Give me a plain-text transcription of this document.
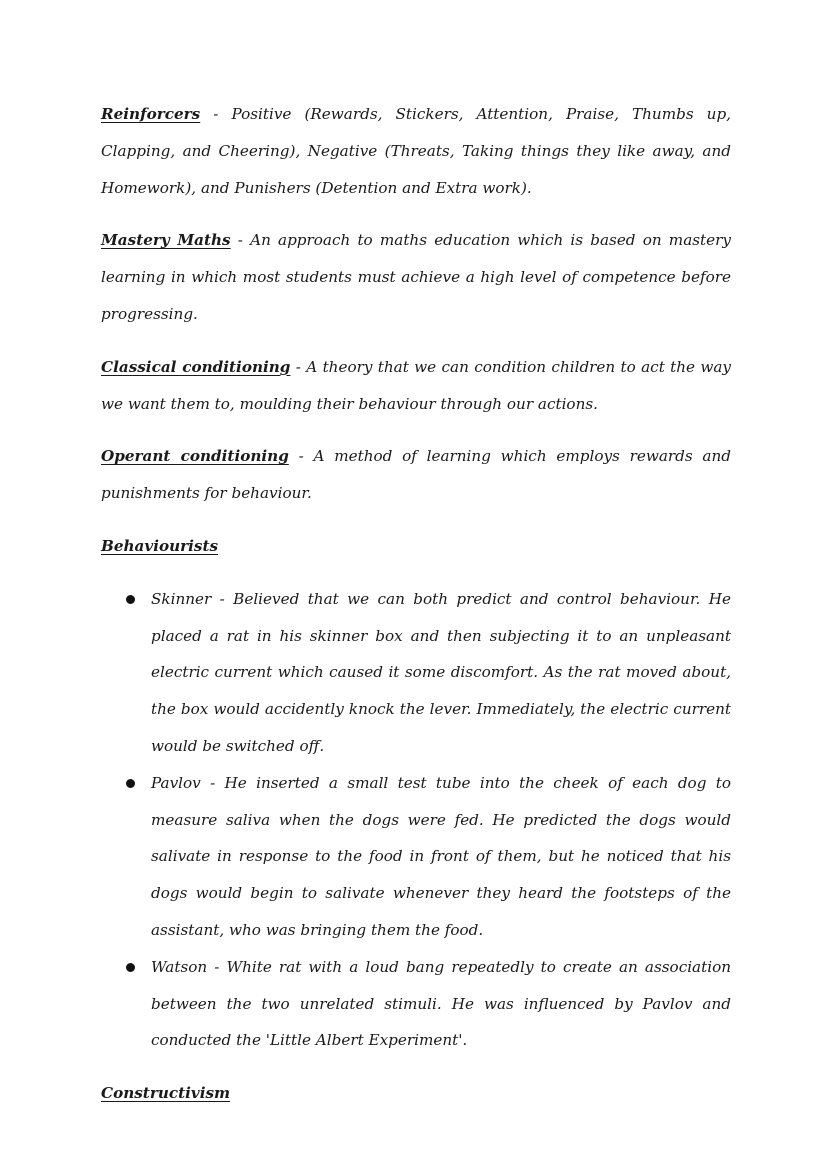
Reinforcers - Positive (Rewards, Stickers, Attention, Praise, Thumbs up, Clapping, and Cheering), Negative (Threats, Taking things they like away, and Homework), and Punishers (Detention and Extra work).

Mastery Maths - An approach to maths education which is based on mastery learning in which most students must achieve a high level of competence before progressing.

Classical conditioning - A theory that we can condition children to act the way we want them to, moulding their behaviour through our actions.

Operant conditioning - A method of learning which employs rewards and punishments for behaviour.

Behaviourists
Skinner - Believed that we can both predict and control behaviour. He placed a rat in his skinner box and then subjecting it to an unpleasant electric current which caused it some discomfort. As the rat moved about, the box would accidently knock the lever. Immediately, the electric current would be switched off.
Pavlov - He inserted a small test tube into the cheek of each dog to measure saliva when the dogs were fed. He predicted the dogs would salivate in response to the food in front of them, but he noticed that his dogs would begin to salivate whenever they heard the footsteps of the assistant, who was bringing them the food.
Watson - White rat with a loud bang repeatedly to create an association between the two unrelated stimuli. He was influenced by Pavlov and conducted the 'Little Albert Experiment'.
Constructivism
